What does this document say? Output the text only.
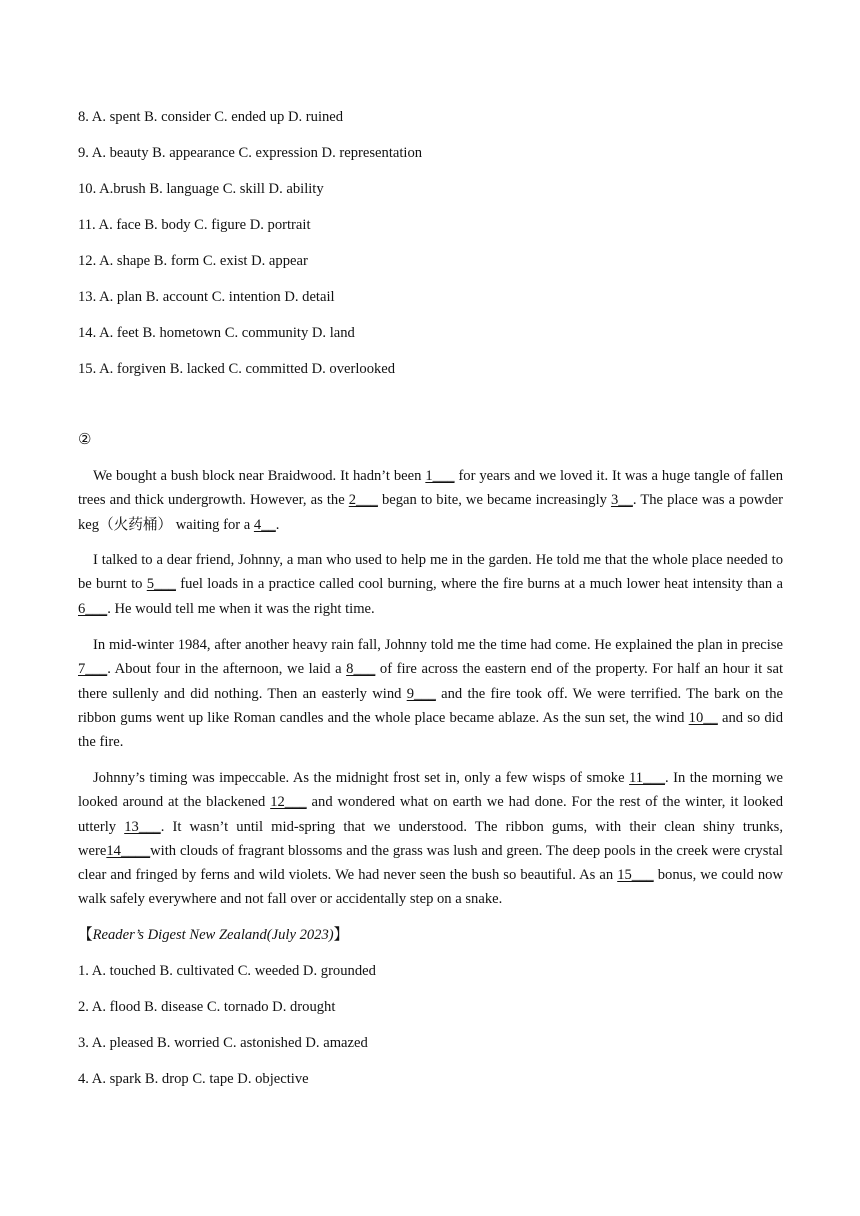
8. A. spent B. consider C. ended up D. ruined
9. A. beauty B. appearance C. expression D. representation
10. A.brush B. language C. skill D. ability
11. A. face B. body C. figure D. portrait
12. A. shape B. form C. exist D. appear
13. A. plan B. account C. intention D. detail
14. A. feet B. hometown C. community D. land
15. A. forgiven B. lacked C. committed D. overlooked
②

We bought a bush block near Braidwood. It hadn’t been 1___ for years and we loved it. It was a huge tangle of fallen trees and thick undergrowth. However, as the 2___ began to bite, we became increasingly 3__. The place was a powder keg（火药桶） waiting for a 4__.

I talked to a dear friend, Johnny, a man who used to help me in the garden. He told me that the whole place needed to be burnt to 5___ fuel loads in a practice called cool burning, where the fire burns at a much lower heat intensity than a 6___. He would tell me when it was the right time.

In mid-winter 1984, after another heavy rain fall, Johnny told me the time had come. He explained the plan in precise 7___. About four in the afternoon, we laid a 8___ of fire across the eastern end of the property. For half an hour it sat there sullenly and did nothing. Then an easterly wind 9___ and the fire took off. We were terrified. The bark on the ribbon gums went up like Roman candles and the whole place became ablaze. As the sun set, the wind 10__ and so did the fire.

Johnny’s timing was impeccable. As the midnight frost set in, only a few wisps of smoke 11___. In the morning we looked around at the blackened 12___ and wondered what on earth we had done. For the rest of the winter, it looked utterly 13___. It wasn’t until mid-spring that we understood. The ribbon gums, with their clean shiny trunks, were14____with clouds of fragrant blossoms and the grass was lush and green. The deep pools in the creek were crystal clear and fringed by ferns and wild violets. We had never seen the bush so beautiful. As an 15___ bonus, we could now walk safely everywhere and not fall over or accidentally step on a snake.

【Reader’s Digest New Zealand(July 2023)】
1. A. touched B. cultivated C. weeded D. grounded
2. A. flood B. disease C. tornado D. drought
3. A. pleased B. worried C. astonished D. amazed
4. A. spark B. drop C. tape D. objective
